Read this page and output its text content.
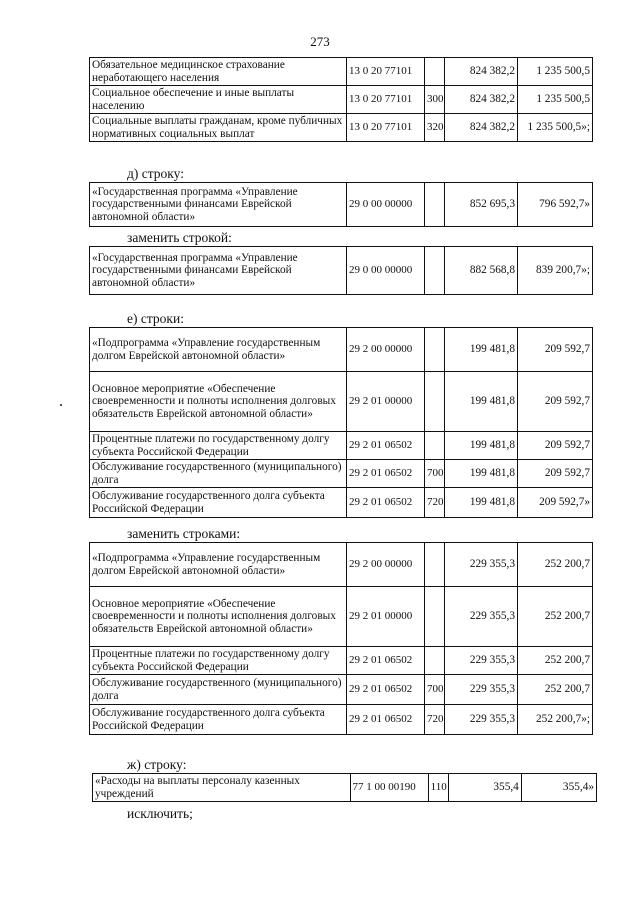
273
Обязательное медицинское страхование неработающего населения	13 0 20 77101		824 382,2	1 235 500,5
Социальное обеспечение и иные выплаты населению	13 0 20 77101	300	824 382,2	1 235 500,5
Социальные выплаты гражданам, кроме публичных нормативных социальных выплат	13 0 20 77101	320	824 382,2	1 235 500,5»;
д) строку:
«Государственная программа «Управление государственными финансами Еврейской автономной области»	29 0 00 00000		852 695,3	796 592,7»
заменить строкой:
«Государственная программа «Управление государственными финансами Еврейской автономной области»	29 0 00 00000		882 568,8	839 200,7»;
е) строки:
«Подпрограмма «Управление государственным долгом Еврейской автономной области»	29 2 00 00000		199 481,8	209 592,7
Основное мероприятие «Обеспечение своевременности и полноты исполнения долговых обязательств Еврейской автономной области»	29 2 01 00000		199 481,8	209 592,7
Процентные платежи по государственному долгу субъекта Российской Федерации	29 2 01 06502		199 481,8	209 592,7
Обслуживание государственного (муниципального) долга	29 2 01 06502	700	199 481,8	209 592,7
Обслуживание государственного долга субъекта Российской Федерации	29 2 01 06502	720	199 481,8	209 592,7»
заменить строками:
«Подпрограмма «Управление государственным долгом Еврейской автономной области»	29 2 00 00000		229 355,3	252 200,7
Основное мероприятие «Обеспечение своевременности и полноты исполнения долговых обязательств Еврейской автономной области»	29 2 01 00000		229 355,3	252 200,7
Процентные платежи по государственному долгу субъекта Российской Федерации	29 2 01 06502		229 355,3	252 200,7
Обслуживание государственного (муниципального) долга	29 2 01 06502	700	229 355,3	252 200,7
Обслуживание государственного долга субъекта Российской Федерации	29 2 01 06502	720	229 355,3	252 200,7»;
ж) строку:
«Расходы на выплаты персоналу казенных учреждений	77 1 00 00190	110	355,4	355,4»
исключить;
